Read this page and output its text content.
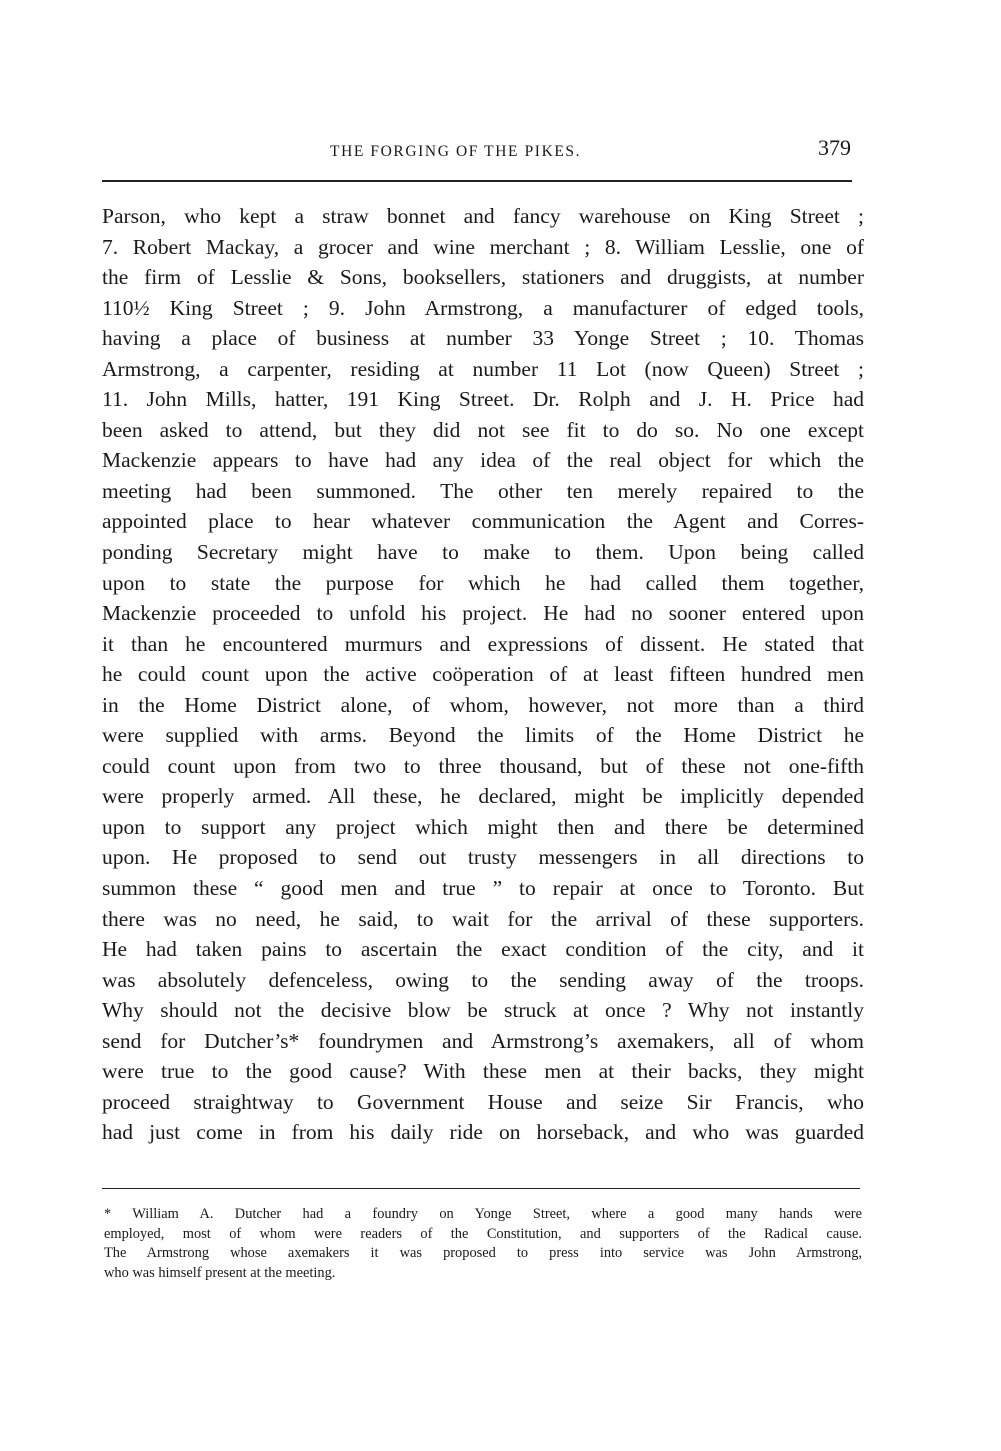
THE FORGING OF THE PIKES.	379
Parson, who kept a straw bonnet and fancy warehouse on King Street ;
7. Robert Mackay, a grocer and wine merchant ; 8. William Lesslie, one of
the firm of Lesslie & Sons, booksellers, stationers and druggists, at number
110½ King Street ; 9. John Armstrong, a manufacturer of edged tools,
having a place of business at number 33 Yonge Street ; 10. Thomas
Armstrong, a carpenter, residing at number 11 Lot (now Queen) Street ;
11. John Mills, hatter, 191 King Street. Dr. Rolph and J. H. Price had
been asked to attend, but they did not see fit to do so. No one except
Mackenzie appears to have had any idea of the real object for which the
meeting had been summoned. The other ten merely repaired to the
appointed place to hear whatever communication the Agent and Corres-
ponding Secretary might have to make to them. Upon being called
upon to state the purpose for which he had called them together,
Mackenzie proceeded to unfold his project. He had no sooner entered upon
it than he encountered murmurs and expressions of dissent. He stated that
he could count upon the active coöperation of at least fifteen hundred men
in the Home District alone, of whom, however, not more than a third
were supplied with arms. Beyond the limits of the Home District he
could count upon from two to three thousand, but of these not one-fifth
were properly armed. All these, he declared, might be implicitly depended
upon to support any project which might then and there be determined
upon. He proposed to send out trusty messengers in all directions to
summon these “ good men and true ” to repair at once to Toronto. But
there was no need, he said, to wait for the arrival of these supporters.
He had taken pains to ascertain the exact condition of the city, and it
was absolutely defenceless, owing to the sending away of the troops.
Why should not the decisive blow be struck at once ? Why not instantly
send for Dutcher’s* foundrymen and Armstrong’s axemakers, all of whom
were true to the good cause? With these men at their backs, they might
proceed straightway to Government House and seize Sir Francis, who
had just come in from his daily ride on horseback, and who was guarded
* William A. Dutcher had a foundry on Yonge Street, where a good many hands were
employed, most of whom were readers of the Constitution, and supporters of the Radical cause.
The Armstrong whose axemakers it was proposed to press into service was John Armstrong,
who was himself present at the meeting.
